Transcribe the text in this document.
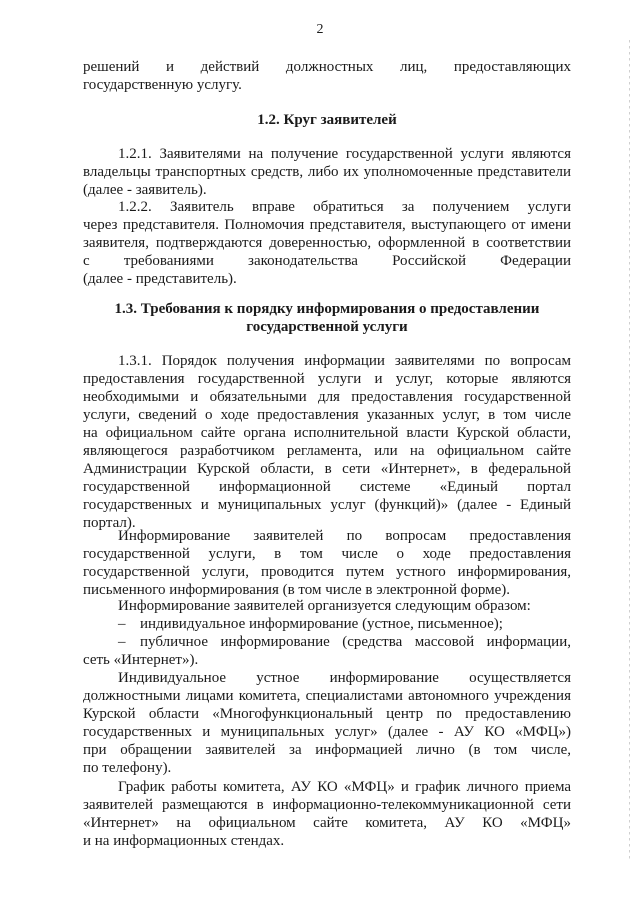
2
решений и действий должностных лиц, предоставляющих
государственную услугу.
1.2. Круг заявителей
1.2.1. Заявителями на получение государственной услуги являются
владельцы транспортных средств, либо их уполномоченные представители
(далее - заявитель).
1.2.2. Заявитель вправе обратиться за получением услуги
через представителя. Полномочия представителя, выступающего от имени
заявителя, подтверждаются доверенностью, оформленной в соответствии
с требованиями законодательства Российской Федерации
(далее - представитель).
1.3. Требования к порядку информирования о предоставлении
государственной услуги
1.3.1. Порядок получения информации заявителями по вопросам
предоставления государственной услуги и услуг, которые являются
необходимыми и обязательными для предоставления государственной
услуги, сведений о ходе предоставления указанных услуг, в том числе
на официальном сайте органа исполнительной власти Курской области,
являющегося разработчиком регламента, или на официальном сайте
Администрации Курской области, в сети «Интернет», в федеральной
государственной информационной системе «Единый портал
государственных и муниципальных услуг (функций)» (далее - Единый
портал).
Информирование заявителей по вопросам предоставления
государственной услуги, в том числе о ходе предоставления
государственной услуги, проводится путем устного информирования,
письменного информирования (в том числе в электронной форме).
Информирование заявителей организуется следующим образом:
– индивидуальное информирование (устное, письменное);
– публичное информирование (средства массовой информации,
сеть «Интернет»).
Индивидуальное устное информирование осуществляется
должностными лицами комитета, специалистами автономного учреждения
Курской области «Многофункциональный центр по предоставлению
государственных и муниципальных услуг» (далее - АУ КО «МФЦ»)
при обращении заявителей за информацией лично (в том числе,
по телефону).
График работы комитета, АУ КО «МФЦ» и график личного приема
заявителей размещаются в информационно-телекоммуникационной сети
«Интернет» на официальном сайте комитета, АУ КО «МФЦ»
и на информационных стендах.
